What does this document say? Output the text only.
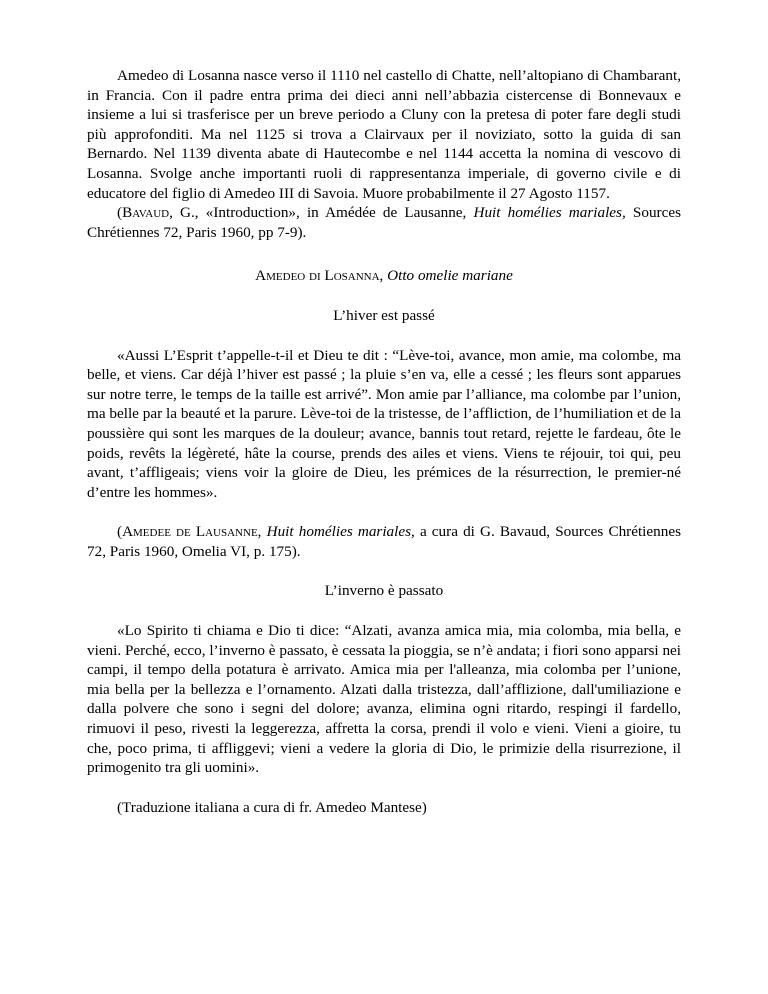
Amedeo di Losanna nasce verso il 1110 nel castello di Chatte, nell’altopiano di Chambarant, in Francia. Con il padre entra prima dei dieci anni nell’abbazia cistercense di Bonnevaux e insieme a lui si trasferisce per un breve periodo a Cluny con la pretesa di poter fare degli studi più approfonditi. Ma nel 1125 si trova a Clairvaux per il noviziato, sotto la guida di san Bernardo. Nel 1139 diventa abate di Hautecombe e nel 1144 accetta la nomina di vescovo di Losanna. Svolge anche importanti ruoli di rappresentanza imperiale, di governo civile e di educatore del figlio di Amedeo III di Savoia. Muore probabilmente il 27 Agosto 1157.

(Bavaud, G., «Introduction», in Amédée de Lausanne, Huit homélies mariales, Sources Chrétiennes 72, Paris 1960, pp 7-9).

Amedeo di Losanna, Otto omelie mariane

L’hiver est passé

«Aussi L’Esprit t’appelle-t-il et Dieu te dit : “Lève-toi, avance, mon amie, ma colombe, ma belle, et viens. Car déjà l’hiver est passé ; la pluie s’en va, elle a cessé ; les fleurs sont apparues sur notre terre, le temps de la taille est arrivé”. Mon amie par l’alliance, ma colombe par l’union, ma belle par la beauté et la parure. Lève-toi de la tristesse, de l’affliction, de l’humiliation et de la poussière qui sont les marques de la douleur; avance, bannis tout retard, rejette le fardeau, ôte le poids, revêts la légèreté, hâte la course, prends des ailes et viens. Viens te réjouir, toi qui, peu avant, t’affligeais; viens voir la gloire de Dieu, les prémices de la résurrection, le premier-né d’entre les hommes».

(Amedee de Lausanne, Huit homélies mariales, a cura di G. Bavaud, Sources Chrétiennes 72, Paris 1960, Omelia VI, p. 175).

L’inverno è passato

«Lo Spirito ti chiama e Dio ti dice: “Alzati, avanza amica mia, mia colomba, mia bella, e vieni. Perché, ecco, l’inverno è passato, è cessata la pioggia, se n’è andata; i fiori sono apparsi nei campi, il tempo della potatura è arrivato. Amica mia per l'alleanza, mia colomba per l’unione, mia bella per la bellezza e l’ornamento. Alzati dalla tristezza, dall’afflizione, dall'umiliazione e dalla polvere che sono i segni del dolore; avanza, elimina ogni ritardo, respingi il fardello, rimuovi il peso, rivesti la leggerezza, affretta la corsa, prendi il volo e vieni. Vieni a gioire, tu che, poco prima, ti affliggevi; vieni a vedere la gloria di Dio, le primizie della risurrezione, il primogenito tra gli uomini».

(Traduzione italiana a cura di fr. Amedeo Mantese)
